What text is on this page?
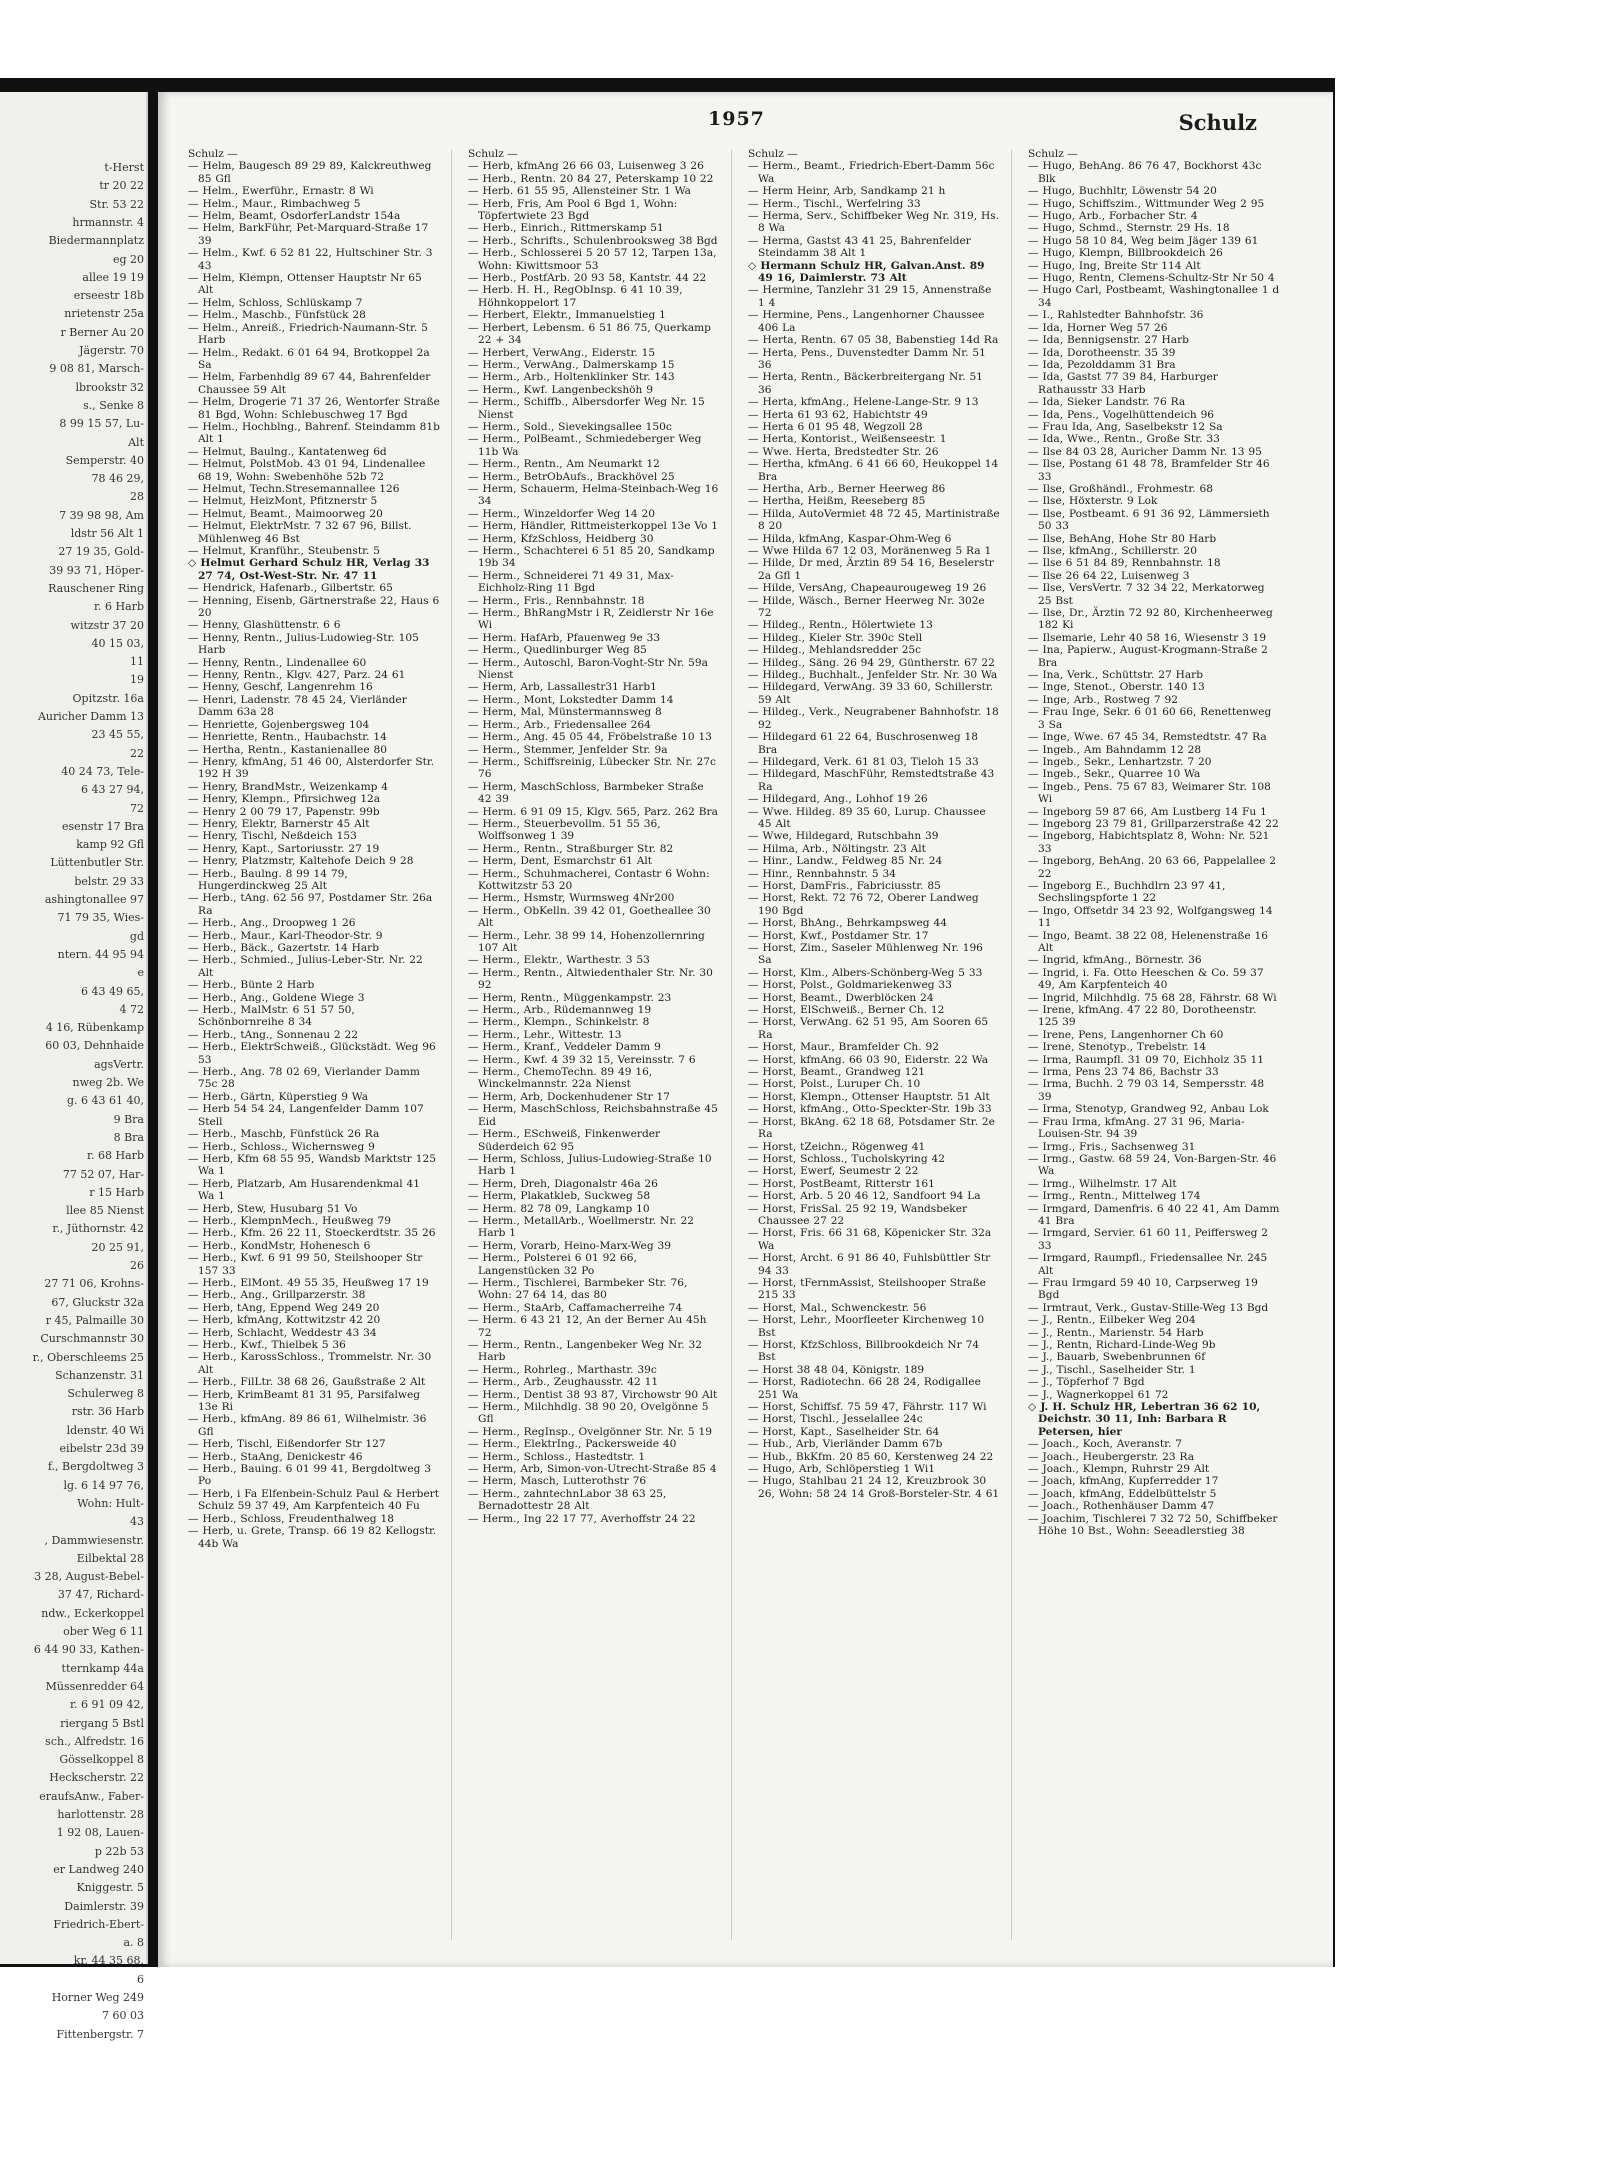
t-Herst
tr 20 22
Str. 53 22
hrmannstr. 4
Biedermannplatz
eg 20
allee 19 19
erseestr 18b
nrietenstr 25a
r Berner Au 20
Jägerstr. 70
9 08 81, Marsch-
lbrookstr 32
s., Senke 8
8 99 15 57, Lu-
Alt
Semperstr. 40
78 46 29,
28
7 39 98 98, Am
ldstr 56 Alt 1
27 19 35, Gold-
39 93 71, Höper-
Rauschener Ring
r. 6 Harb
witzstr 37 20
40 15 03,
11
19
Opitzstr. 16a
Auricher Damm 13
23 45 55,
22
40 24 73, Tele-
6 43 27 94,
72
esenstr 17 Bra
kamp 92 Gfl
Lüttenbutler Str.
belstr. 29 33
ashingtonallee 97
71 79 35, Wies-
gd
ntern. 44 95 94
e
6 43 49 65,
4 72
4 16, Rübenkamp
60 03, Dehnhaide
agsVertr.
nweg 2b. We
g. 6 43 61 40,
9 Bra
8 Bra
r. 68 Harb
77 52 07, Har-
r 15 Harb
llee 85 Nienst
r., Jüthornstr. 42
20 25 91,
26
27 71 06, Krohns-
67, Gluckstr 32a
r 45, Palmaille 30
Curschmannstr 30
r., Oberschleems 25
Schanzenstr. 31
Schulerweg 8
rstr. 36 Harb
ldenstr. 40 Wi
eibelstr 23d 39
f., Bergdoltweg 3
lg. 6 14 97 76,
Wohn: Hult-
43
, Dammwiesenstr.
Eilbektal 28
3 28, August-Bebel-
37 47, Richard-
ndw., Eckerkoppel
ober Weg 6 11
6 44 90 33, Kathen-
tternkamp 44a
Müssenredder 64
r. 6 91 09 42,
riergang 5 Bstl
sch., Alfredstr. 16
Gösselkoppel 8
Heckscherstr. 22
eraufsAnw., Faber-
harlottenstr. 28
1 92 08, Lauen-
p 22b 53
er Landweg 240
Kniggestr. 5
Daimlerstr. 39
Friedrich-Ebert-
a. 8
kr. 44 35 68.
6
Horner Weg 249
7 60 03
Fittenbergstr. 7
1957	Schulz
Schulz —
— Helm, Baugesch 89 29 89, Kalckreuthweg 85 Gfl
— Helm., Ewerführ., Ernastr. 8 Wi
— Helm., Maur., Rimbachweg 5
— Helm, Beamt, OsdorferLandstr 154a
— Helm, BarkFühr, Pet-Marquard-Straße 17 39
— Helm., Kwf. 6 52 81 22, Hultschiner Str. 3 43
— Helm, Klempn, Ottenser Hauptstr Nr 65 Alt
— Helm, Schloss, Schlüskamp 7
— Helm., Maschb., Fünfstück 28
— Helm., Anreiß., Friedrich-Naumann-Str. 5 Harb
— Helm., Redakt. 6 01 64 94, Brotkoppel 2a Sa
— Helm, Farbenhdlg 89 67 44, Bahrenfelder Chaussee 59 Alt
— Helm, Drogerie 71 37 26, Wentorfer Straße 81 Bgd, Wohn: Schlebuschweg 17 Bgd
— Helm., Hochblng., Bahrenf. Steindamm 81b Alt 1
— Helmut, Baulng., Kantatenweg 6d
— Helmut, PolstMob. 43 01 94, Lindenallee 68 19, Wohn: Swebenhöhe 52b 72
— Helmut, Techn.Stresemannallee 126
— Helmut, HeizMont, Pfitznerstr 5
— Helmut, Beamt., Maimoorweg 20
— Helmut, ElektrMstr. 7 32 67 96, Billst. Mühlenweg 46 Bst
— Helmut, Kranführ., Steubenstr. 5
◇ Helmut Gerhard Schulz HR, Verlag 33 27 74, Ost-West-Str. Nr. 47 11
— Hendrick, Hafenarb., Gilbertstr. 65
— Henning, Eisenb, Gärtnerstraße 22, Haus 6 20
— Henny, Glashüttenstr. 6 6
— Henny, Rentn., Julius-Ludowieg-Str. 105 Harb
— Henny, Rentn., Lindenallee 60
— Henny, Rentn., Klgv. 427, Parz. 24 61
— Henny, Geschf, Langenrehm 16
— Henri, Ladenstr. 78 45 24, Vierländer Damm 63a 28
— Henriette, Gojenbergsweg 104
— Henriette, Rentn., Haubachstr. 14
— Hertha, Rentn., Kastanienallee 80
— Henry, kfmAng, 51 46 00, Alsterdorfer Str. 192 H 39
— Henry, BrandMstr., Weizenkamp 4
— Henry, Klempn., Pfirsichweg 12a
— Henry 2 00 79 17, Papenstr. 99b
— Henry, Elektr, Barnerstr 45 Alt
— Henry, Tischl, Neßdeich 153
— Henry, Kapt., Sartoriusstr. 27 19
— Henry, Platzmstr, Kaltehofe Deich 9 28
— Herb., Baulng. 8 99 14 79, Hungerdinckweg 25 Alt
— Herb., tAng. 62 56 97, Postdamer Str. 26a Ra
— Herb., Ang., Droopweg 1 26
— Herb., Maur., Karl-Theodor-Str. 9
— Herb., Bäck., Gazertstr. 14 Harb
— Herb., Schmied., Julius-Leber-Str. Nr. 22 Alt
— Herb., Bünte 2 Harb
— Herb., Ang., Goldene Wiege 3
— Herb., MalMstr. 6 51 57 50, Schönbornreihe 8 34
— Herb., tAng., Sonnenau 2 22
— Herb., ElektrSchweiß., Glückstädt. Weg 96 53
— Herb., Ang. 78 02 69, Vierlander Damm 75c 28
— Herb., Gärtn, Küperstieg 9 Wa
— Herb 54 54 24, Langenfelder Damm 107 Stell
— Herb., Maschb, Fünfstück 26 Ra
— Herb., Schloss., Wichernsweg 9
— Herb, Kfm 68 55 95, Wandsb Marktstr 125 Wa 1
— Herb, Platzarb, Am Husarendenkmal 41 Wa 1
— Herb, Stew, Husubarg 51 Vo
— Herb., KlempnMech., Heußweg 79
— Herb., Kfm. 26 22 11, Stoeckerdtstr. 35 26
— Herb., KondMstr, Hohenesch 6
— Herb., Kwf. 6 91 99 50, Steilshooper Str 157 33
— Herb., ElMont. 49 55 35, Heußweg 17 19
— Herb., Ang., Grillparzerstr. 38
— Herb, tAng, Eppend Weg 249 20
— Herb, kfmAng, Kottwitzstr 42 20
— Herb, Schlacht, Weddestr 43 34
— Herb., Kwf., Thielbek 5 36
— Herb., KarossSchloss., Trommelstr. Nr. 30 Alt
— Herb., FilLtr. 38 68 26, Gaußstraße 2 Alt
— Herb, KrimBeamt 81 31 95, Parsifalweg 13e Ri
— Herb., kfmAng. 89 86 61, Wilhelmistr. 36 Gfl
— Herb, Tischl, Eißendorfer Str 127
— Herb., StaAng, Denickestr 46
— Herb., Bauing. 6 01 99 41, Bergdoltweg 3 Po
— Herb, i Fa Elfenbein-Schulz Paul & Herbert Schulz 59 37 49, Am Karpfenteich 40 Fu
— Herb., Schloss, Freudenthalweg 18
— Herb, u. Grete, Transp. 66 19 82 Kellogstr. 44b Wa
Schulz —
— Herb, kfmAng 26 66 03, Luisenweg 3 26
— Herb., Rentn. 20 84 27, Peterskamp 10 22
— Herb. 61 55 95, Allensteiner Str. 1 Wa
— Herb, Fris, Am Pool 6 Bgd 1, Wohn: Töpfertwiete 23 Bgd
— Herb., Einrich., Rittmerskamp 51
— Herb., Schrifts., Schulenbrooksweg 38 Bgd
— Herb., Schlosserei 5 20 57 12, Tarpen 13a, Wohn: Kiwittsmoor 53
— Herb., PostfArb. 20 93 58, Kantstr. 44 22
— Herb. H. H., RegObInsp. 6 41 10 39, Höhnkoppelort 17
— Herbert, Elektr., Immanuelstieg 1
— Herbert, Lebensm. 6 51 86 75, Querkamp 22 + 34
— Herbert, VerwAng., Eiderstr. 15
— Herm., VerwAng., Dalmerskamp 15
— Herm., Arb., Holtenklinker Str. 143
— Herm., Kwf. Langenbeckshöh 9
— Herm., Schiffb., Albersdorfer Weg Nr. 15 Nienst
— Herm., Sold., Sievekingsallee 150c
— Herm., PolBeamt., Schmiedeberger Weg 11b Wa
— Herm., Rentn., Am Neumarkt 12
— Herm., BetrObAufs., Brackhövel 25
— Herm, Schauerm, Helma-Steinbach-Weg 16 34
— Herm., Winzeldorfer Weg 14 20
— Herm, Händler, Rittmeisterkoppel 13e Vo 1
— Herm, KfzSchloss, Heidberg 30
— Herm., Schachterei 6 51 85 20, Sandkamp 19b 34
— Herm., Schneiderei 71 49 31, Max-Eichholz-Ring 11 Bgd
— Herm., Fris., Rennbahnstr. 18
— Herm., BhRangMstr i R, Zeidlerstr Nr 16e Wi
— Herm. HafArb, Pfauenweg 9e 33
— Herm., Quedlinburger Weg 85
— Herm., Autoschl, Baron-Voght-Str Nr. 59a Nienst
— Herm, Arb, Lassallestr31 Harb1
— Herm., Mont, Lokstedter Damm 14
— Herm, Mal, Münstermannsweg 8
— Herm., Arb., Friedensallee 264
— Herm., Ang. 45 05 44, Fröbelstraße 10 13
— Herm., Stemmer, Jenfelder Str. 9a
— Herm., Schiffsreinig, Lübecker Str. Nr. 27c 76
— Herm, MaschSchloss, Barmbeker Straße 42 39
— Herm. 6 91 09 15, Klgv. 565, Parz. 262 Bra
— Herm., Steuerbevollm. 51 55 36, Wolffsonweg 1 39
— Herm., Rentn., Straßburger Str. 82
— Herm, Dent, Esmarchstr 61 Alt
— Herm., Schuhmacherei, Contastr 6 Wohn: Kottwitzstr 53 20
— Herm., Hsmstr, Wurmsweg 4Nr200
— Herm., ObKelln. 39 42 01, Goetheallee 30 Alt
— Herm., Lehr. 38 99 14, Hohenzollernring 107 Alt
— Herm., Elektr., Warthestr. 3 53
— Herm., Rentn., Altwiedenthaler Str. Nr. 30 92
— Herm, Rentn., Müggenkampstr. 23
— Herm., Arb., Rüdemannweg 19
— Herm., Klempn., Schinkelstr. 8
— Herm., Lehr., Wittestr. 13
— Herm., Kranf., Veddeler Damm 9
— Herm., Kwf. 4 39 32 15, Vereinsstr. 7 6
— Herm., ChemoTechn. 89 49 16, Winckelmannstr. 22a Nienst
— Herm, Arb, Dockenhudener Str 17
— Herm, MaschSchloss, Reichsbahnstraße 45 Eid
— Herm., ESchweiß, Finkenwerder Süderdeich 62 95
— Herm, Schloss, Julius-Ludowieg-Straße 10 Harb 1
— Herm, Dreh, Diagonalstr 46a 26
— Herm, Plakatkleb, Suckweg 58
— Herm. 82 78 09, Langkamp 10
— Herm., MetallArb., Woellmerstr. Nr. 22 Harb 1
— Herm, Vorarb, Heino-Marx-Weg 39
— Herm., Polsterei 6 01 92 66, Langenstücken 32 Po
— Herm., Tischlerei, Barmbeker Str. 76, Wohn: 27 64 14, das 80
— Herm., StaArb, Caffamacherreihe 74
— Herm. 6 43 21 12, An der Berner Au 45h 72
— Herm., Rentn., Langenbeker Weg Nr. 32 Harb
— Herm., Rohrleg., Marthastr. 39c
— Herm., Arb., Zeughausstr. 42 11
— Herm., Dentist 38 93 87, Virchowstr 90 Alt
— Herm., Milchhdlg. 38 90 20, Ovelgönne 5 Gfl
— Herm., RegInsp., Ovelgönner Str. Nr. 5 19
— Herm., ElektrIng., Packersweide 40
— Herm., Schloss., Hastedtstr. 1
— Herm, Arb, Simon-von-Utrecht-Straße 85 4
— Herm, Masch, Lutterothstr 76
— Herm., zahntechnLabor 38 63 25, Bernadottestr 28 Alt
— Herm., Ing 22 17 77, Averhoffstr 24 22
Schulz —
— Herm., Beamt., Friedrich-Ebert-Damm 56c Wa
— Herm Heinr, Arb, Sandkamp 21 h
— Herm., Tischl., Werfelring 33
— Herma, Serv., Schiffbeker Weg Nr. 319, Hs. 8 Wa
— Herma, Gastst 43 41 25, Bahrenfelder Steindamm 38 Alt 1
◇ Hermann Schulz HR, Galvan.Anst. 89 49 16, Daimlerstr. 73 Alt
— Hermine, Tanzlehr 31 29 15, Annenstraße 1 4
— Hermine, Pens., Langenhorner Chaussee 406 La
— Herta, Rentn. 67 05 38, Babenstieg 14d Ra
— Herta, Pens., Duvenstedter Damm Nr. 51 36
— Herta, Rentn., Bäckerbreitergang Nr. 51 36
— Herta, kfmAng., Helene-Lange-Str. 9 13
— Herta 61 93 62, Habichtstr 49
— Herta 6 01 95 48, Wegzoll 28
— Herta, Kontorist., Weißenseestr. 1
— Wwe. Herta, Bredstedter Str. 26
— Hertha, kfmAng. 6 41 66 60, Heukoppel 14 Bra
— Hertha, Arb., Berner Heerweg 86
— Hertha, Heißm, Reeseberg 85
— Hilda, AutoVermiet 48 72 45, Martinistraße 8 20
— Hilda, kfmAng, Kaspar-Ohm-Weg 6
— Wwe Hilda 67 12 03, Moränenweg 5 Ra 1
— Hilde, Dr med, Ärztin 89 54 16, Beselerstr 2a Gfl 1
— Hilde, VersAng, Chapeaurougeweg 19 26
— Hilde, Wäsch., Berner Heerweg Nr. 302e 72
— Hildeg., Rentn., Hölertwiete 13
— Hildeg., Kieler Str. 390c Stell
— Hildeg., Mehlandsredder 25c
— Hildeg., Säng. 26 94 29, Güntherstr. 67 22
— Hildeg., Buchhalt., Jenfelder Str. Nr. 30 Wa
— Hildegard, VerwAng. 39 33 60, Schillerstr. 59 Alt
— Hildeg., Verk., Neugrabener Bahnhofstr. 18 92
— Hildegard 61 22 64, Buschrosenweg 18 Bra
— Hildegard, Verk. 61 81 03, Tieloh 15 33
— Hildegard, MaschFühr, Remstedtstraße 43 Ra
— Hildegard, Ang., Lohhof 19 26
— Wwe. Hildeg. 89 35 60, Lurup. Chaussee 45 Alt
— Wwe, Hildegard, Rutschbahn 39
— Hilma, Arb., Nöltingstr. 23 Alt
— Hinr., Landw., Feldweg 85 Nr. 24
— Hinr., Rennbahnstr. 5 34
— Horst, DamFris., Fabriciusstr. 85
— Horst, Rekt. 72 76 72, Oberer Landweg 190 Bgd
— Horst, BhAng., Behrkampsweg 44
— Horst, Kwf., Postdamer Str. 17
— Horst, Zim., Saseler Mühlenweg Nr. 196 Sa
— Horst, Klm., Albers-Schönberg-Weg 5 33
— Horst, Polst., Goldmariekenweg 33
— Horst, Beamt., Dwerblöcken 24
— Horst, ElSchweiß., Berner Ch. 12
— Horst, VerwAng. 62 51 95, Am Sooren 65 Ra
— Horst, Maur., Bramfelder Ch. 92
— Horst, kfmAng. 66 03 90, Eiderstr. 22 Wa
— Horst, Beamt., Grandweg 121
— Horst, Polst., Luruper Ch. 10
— Horst, Klempn., Ottenser Hauptstr. 51 Alt
— Horst, kfmAng., Otto-Speckter-Str. 19b 33
— Horst, BkAng. 62 18 68, Potsdamer Str. 2e Ra
— Horst, tZeichn., Rögenweg 41
— Horst, Schloss., Tucholskyring 42
— Horst, Ewerf, Seumestr 2 22
— Horst, PostBeamt, Ritterstr 161
— Horst, Arb. 5 20 46 12, Sandfoort 94 La
— Horst, FrisSal. 25 92 19, Wandsbeker Chaussee 27 22
— Horst, Fris. 66 31 68, Köpenicker Str. 32a Wa
— Horst, Archt. 6 91 86 40, Fuhlsbüttler Str 94 33
— Horst, tFernmAssist, Steilshooper Straße 215 33
— Horst, Mal., Schwenckestr. 56
— Horst, Lehr., Moorfleeter Kirchenweg 10 Bst
— Horst, KfzSchloss, Billbrookdeich Nr 74 Bst
— Horst 38 48 04, Königstr. 189
— Horst, Radiotechn. 66 28 24, Rodigallee 251 Wa
— Horst, Schiffsf. 75 59 47, Fährstr. 117 Wi
— Horst, Tischl., Jesselallee 24c
— Horst, Kapt., Saselheider Str. 64
— Hub., Arb, Vierländer Damm 67b
— Hub., BkKfm. 20 85 60, Kerstenweg 24 22
— Hugo, Arb, Schlöperstieg 1 Wi1
— Hugo, Stahlbau 21 24 12, Kreuzbrook 30 26, Wohn: 58 24 14 Groß-Borsteler-Str. 4 61
Schulz —
— Hugo, BehAng. 86 76 47, Bockhorst 43c Blk
— Hugo, Buchhltr, Löwenstr 54 20
— Hugo, Schiffszim., Wittmunder Weg 2 95
— Hugo, Arb., Forbacher Str. 4
— Hugo, Schmd., Sternstr. 29 Hs. 18
— Hugo 58 10 84, Weg beim Jäger 139 61
— Hugo, Klempn, Billbrookdeich 26
— Hugo, Ing, Breite Str 114 Alt
— Hugo, Rentn, Clemens-Schultz-Str Nr 50 4
— Hugo Carl, Postbeamt, Washingtonallee 1 d 34
— I., Rahlstedter Bahnhofstr. 36
— Ida, Horner Weg 57 26
— Ida, Bennigsenstr. 27 Harb
— Ida, Dorotheenstr. 35 39
— Ida, Pezolddamm 31 Bra
— Ida, Gastst 77 39 84, Harburger Rathausstr 33 Harb
— Ida, Sieker Landstr. 76 Ra
— Ida, Pens., Vogelhüttendeich 96
— Frau Ida, Ang, Saselbekstr 12 Sa
— Ida, Wwe., Rentn., Große Str. 33
— Ilse 84 03 28, Auricher Damm Nr. 13 95
— Ilse, Postang 61 48 78, Bramfelder Str 46 33
— Ilse, Großhändl., Frohmestr. 68
— Ilse, Höxterstr. 9 Lok
— Ilse, Postbeamt. 6 91 36 92, Lämmersieth 50 33
— Ilse, BehAng, Hohe Str 80 Harb
— Ilse, kfmAng., Schillerstr. 20
— Ilse 6 51 84 89, Rennbahnstr. 18
— Ilse 26 64 22, Luisenweg 3
— Ilse, VersVertr. 7 32 34 22, Merkatorweg 25 Bst
— Ilse, Dr., Ärztin 72 92 80, Kirchenheerweg 182 Ki
— Ilsemarie, Lehr 40 58 16, Wiesenstr 3 19
— Ina, Papierw., August-Krogmann-Straße 2 Bra
— Ina, Verk., Schüttstr. 27 Harb
— Inge, Stenot., Oberstr. 140 13
— Inge, Arb., Rostweg 7 92
— Frau Inge, Sekr. 6 01 60 66, Renettenweg 3 Sa
— Inge, Wwe. 67 45 34, Remstedtstr. 47 Ra
— Ingeb., Am Bahndamm 12 28
— Ingeb., Sekr., Lenhartzstr. 7 20
— Ingeb., Sekr., Quarree 10 Wa
— Ingeb., Pens. 75 67 83, Weimarer Str. 108 Wi
— Ingeborg 59 87 66, Am Lustberg 14 Fu 1
— Ingeborg 23 79 81, Grillparzerstraße 42 22
— Ingeborg, Habichtsplatz 8, Wohn: Nr. 521 33
— Ingeborg, BehAng. 20 63 66, Pappelallee 2 22
— Ingeborg E., Buchhdlrn 23 97 41, Sechslingspforte 1 22
— Ingo, Offsetdr 34 23 92, Wolfgangsweg 14 11
— Ingo, Beamt. 38 22 08, Helenenstraße 16 Alt
— Ingrid, kfmAng., Börnestr. 36
— Ingrid, i. Fa. Otto Heeschen & Co. 59 37 49, Am Karpfenteich 40
— Ingrid, Milchhdlg. 75 68 28, Fährstr. 68 Wi
— Irene, kfmAng. 47 22 80, Dorotheenstr. 125 39
— Irene, Pens, Langenhorner Ch 60
— Irene, Stenotyp., Trebelstr. 14
— Irma, Raumpfl. 31 09 70, Eichholz 35 11
— Irma, Pens 23 74 86, Bachstr 33
— Irma, Buchh. 2 79 03 14, Sempersstr. 48 39
— Irma, Stenotyp, Grandweg 92, Anbau Lok
— Frau Irma, kfmAng. 27 31 96, Maria-Louisen-Str. 94 39
— Irmg., Fris., Sachsenweg 31
— Irmg., Gastw. 68 59 24, Von-Bargen-Str. 46 Wa
— Irmg., Wilhelmstr. 17 Alt
— Irmg., Rentn., Mittelweg 174
— Irmgard, Damenfris. 6 40 22 41, Am Damm 41 Bra
— Irmgard, Servier. 61 60 11, Peiffersweg 2 33
— Irmgard, Raumpfl., Friedensallee Nr. 245 Alt
— Frau Irmgard 59 40 10, Carpserweg 19 Bgd
— Irmtraut, Verk., Gustav-Stille-Weg 13 Bgd
— J., Rentn., Eilbeker Weg 204
— J., Rentn., Marienstr. 54 Harb
— J., Rentn, Richard-Linde-Weg 9b
— J., Bauarb, Swebenbrunnen 6f
— J., Tischl., Saselheider Str. 1
— J., Töpferhof 7 Bgd
— J., Wagnerkoppel 61 72
◇ J. H. Schulz HR, Lebertran 36 62 10, Deichstr. 30 11, Inh: Barbara R Petersen, hier
— Joach., Koch, Averanstr. 7
— Joach., Heubergerstr. 23 Ra
— Joach., Klempn, Ruhrstr 29 Alt
— Joach, kfmAng, Kupferredder 17
— Joach, kfmAng, Eddelbüttelstr 5
— Joach., Rothenhäuser Damm 47
— Joachim, Tischlerei 7 32 72 50, Schiffbeker Höhe 10 Bst., Wohn: Seeadlerstieg 38
